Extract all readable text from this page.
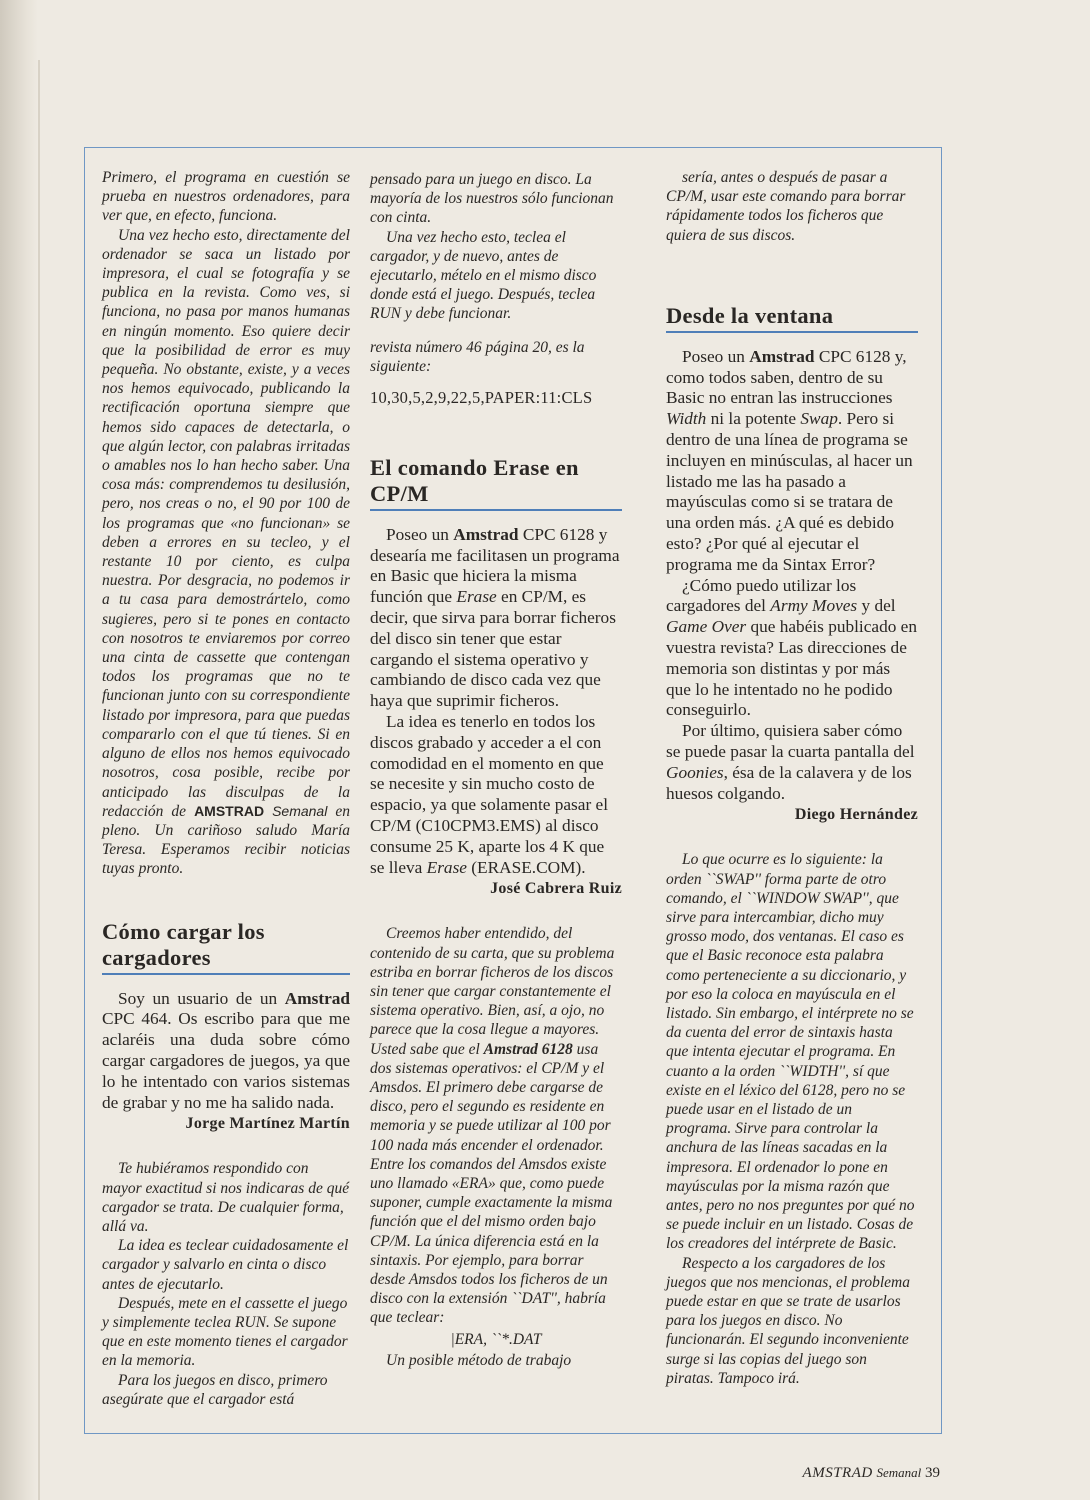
Primero, el programa en cuestión se prueba en nuestros ordenadores, para ver que, en efecto, funciona.

Una vez hecho esto, directamente del ordenador se saca un listado por impresora, el cual se fotografía y se publica en la revista. Como ves, si funciona, no pasa por manos humanas en ningún momento. Eso quiere decir que la posibilidad de error es muy pequeña. No obstante, existe, y a veces nos hemos equivocado, publicando la rectificación oportuna siempre que hemos sido capaces de detectarla, o que algún lector, con palabras irritadas o amables nos lo han hecho saber. Una cosa más: comprendemos tu desilusión, pero, nos creas o no, el 90 por 100 de los programas que «no funcionan» se deben a errores en su tecleo, y el restante 10 por ciento, es culpa nuestra. Por desgracia, no podemos ir a tu casa para demostrártelo, como sugieres, pero si te pones en contacto con nosotros te enviaremos por correo una cinta de cassette que contengan todos los programas que no te funcionan junto con su correspondiente listado por impresora, para que puedas compararlo con el que tú tienes. Si en alguno de ellos nos hemos equivocado nosotros, cosa posible, recibe por anticipado las disculpas de la redacción de AMSTRAD Semanal en pleno. Un cariñoso saludo María Teresa. Esperamos recibir noticias tuyas pronto.

Cómo cargar los cargadores

Soy un usuario de un Amstrad CPC 464. Os escribo para que me aclaréis una duda sobre cómo cargar cargadores de juegos, ya que lo he intentado con varios sistemas de grabar y no me ha salido nada.

Jorge Martínez Martín

Te hubiéramos respondido con mayor exactitud si nos indicaras de qué cargador se trata. De cualquier forma, allá va.

La idea es teclear cuidadosamente el cargador y salvarlo en cinta o disco antes de ejecutarlo.

Después, mete en el cassette el juego y simplemente teclea RUN. Se supone que en este momento tienes el cargador en la memoria.

Para los juegos en disco, primero asegúrate que el cargador está

pensado para un juego en disco. La mayoría de los nuestros sólo funcionan con cinta.

Una vez hecho esto, teclea el cargador, y de nuevo, antes de ejecutarlo, mételo en el mismo disco donde está el juego. Después, teclea RUN y debe funcionar.

revista número 46 página 20, es la siguiente:

10,30,5,2,9,22,5,PAPER:11:CLS

El comando Erase en CP/M

Poseo un Amstrad CPC 6128 y desearía me facilitasen un programa en Basic que hiciera la misma función que Erase en CP/M, es decir, que sirva para borrar ficheros del disco sin tener que estar cargando el sistema operativo y cambiando de disco cada vez que haya que suprimir ficheros.

La idea es tenerlo en todos los discos grabado y acceder a el con comodidad en el momento en que se necesite y sin mucho costo de espacio, ya que solamente pasar el CP/M (C10CPM3.EMS) al disco consume 25 K, aparte los 4 K que se lleva Erase (ERASE.COM).

José Cabrera Ruiz

Creemos haber entendido, del contenido de su carta, que su problema estriba en borrar ficheros de los discos sin tener que cargar constantemente el sistema operativo. Bien, así, a ojo, no parece que la cosa llegue a mayores. Usted sabe que el Amstrad 6128 usa dos sistemas operativos: el CP/M y el Amsdos. El primero debe cargarse de disco, pero el segundo es residente en memoria y se puede utilizar al 100 por 100 nada más encender el ordenador. Entre los comandos del Amsdos existe uno llamado «ERA» que, como puede suponer, cumple exactamente la misma función que el del mismo orden bajo CP/M. La única diferencia está en la sintaxis. Por ejemplo, para borrar desde Amsdos todos los ficheros de un disco con la extensión ``DAT'', habría que teclear:

|ERA, ``*.DAT

Un posible método de trabajo

sería, antes o después de pasar a CP/M, usar este comando para borrar rápidamente todos los ficheros que quiera de sus discos.

Desde la ventana

Poseo un Amstrad CPC 6128 y, como todos saben, dentro de su Basic no entran las instrucciones Width ni la potente Swap. Pero si dentro de una línea de programa se incluyen en minúsculas, al hacer un listado me las ha pasado a mayúsculas como si se tratara de una orden más. ¿A qué es debido esto? ¿Por qué al ejecutar el programa me da Sintax Error?

¿Cómo puedo utilizar los cargadores del Army Moves y del Game Over que habéis publicado en vuestra revista? Las direcciones de memoria son distintas y por más que lo he intentado no he podido conseguirlo.

Por último, quisiera saber cómo se puede pasar la cuarta pantalla del Goonies, ésa de la calavera y de los huesos colgando.

Diego Hernández

Lo que ocurre es lo siguiente: la orden ``SWAP'' forma parte de otro comando, el ``WINDOW SWAP'', que sirve para intercambiar, dicho muy grosso modo, dos ventanas. El caso es que el Basic reconoce esta palabra como perteneciente a su diccionario, y por eso la coloca en mayúscula en el listado. Sin embargo, el intérprete no se da cuenta del error de sintaxis hasta que intenta ejecutar el programa. En cuanto a la orden ``WIDTH'', sí que existe en el léxico del 6128, pero no se puede usar en el listado de un programa. Sirve para controlar la anchura de las líneas sacadas en la impresora. El ordenador lo pone en mayúsculas por la misma razón que antes, pero no nos preguntes por qué no se puede incluir en un listado. Cosas de los creadores del intérprete de Basic.

Respecto a los cargadores de los juegos que nos mencionas, el problema puede estar en que se trate de usarlos para los juegos en disco. No funcionarán. El segundo inconveniente surge si las copias del juego son piratas. Tampoco irá.

AMSTRAD Semanal 39
